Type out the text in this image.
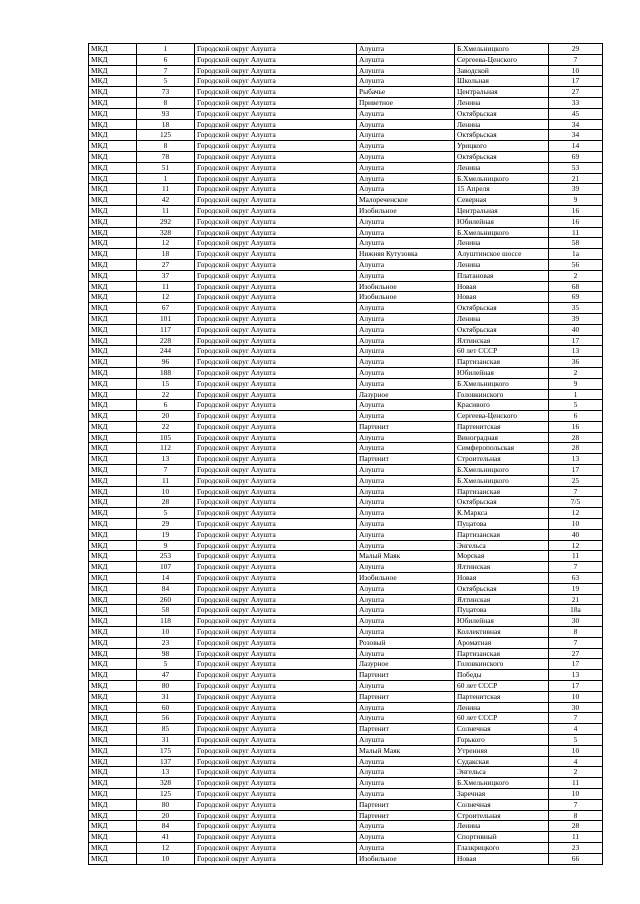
МКД	1	Городской округ Алушта	Алушта	Б.Хмельницкого	29
МКД	6	Городской округ Алушта	Алушта	Сергеева-Ценского	7
МКД	7	Городской округ Алушта	Алушта	Заводской	10
МКД	5	Городской округ Алушта	Алушта	Школьная	17
МКД	73	Городской округ Алушта	Рыбачье	Центральная	27
МКД	8	Городской округ Алушта	Приветное	Ленина	33
МКД	93	Городской округ Алушта	Алушта	Октябрьская	45
МКД	18	Городской округ Алушта	Алушта	Ленина	34
МКД	125	Городской округ Алушта	Алушта	Октябрьская	34
МКД	8	Городской округ Алушта	Алушта	Урицкого	14
МКД	78	Городской округ Алушта	Алушта	Октябрьская	69
МКД	51	Городской округ Алушта	Алушта	Ленина	53
МКД	1	Городской округ Алушта	Алушта	Б.Хмельницкого	21
МКД	11	Городской округ Алушта	Алушта	15 Апреля	39
МКД	42	Городской округ Алушта	Малореченское	Северная	9
МКД	11	Городской округ Алушта	Изобильное	Центральная	16
МКД	292	Городской округ Алушта	Алушта	Юбилейная	16
МКД	328	Городской округ Алушта	Алушта	Б.Хмельницкого	11
МКД	12	Городской округ Алушта	Алушта	Ленина	58
МКД	18	Городской округ Алушта	Нижняя Кутузовка	Алуштинское шоссе	1а
МКД	27	Городской округ Алушта	Алушта	Ленина	56
МКД	37	Городской округ Алушта	Алушта	Платановая	2
МКД	11	Городской округ Алушта	Изобильное	Новая	68
МКД	12	Городской округ Алушта	Изобильное	Новая	69
МКД	67	Городской округ Алушта	Алушта	Октябрьская	35
МКД	101	Городской округ Алушта	Алушта	Ленина	39
МКД	117	Городской округ Алушта	Алушта	Октябрьская	40
МКД	228	Городской округ Алушта	Алушта	Ялтинская	17
МКД	244	Городской округ Алушта	Алушта	60 лет СССР	13
МКД	96	Городской округ Алушта	Алушта	Партизанская	36
МКД	188	Городской округ Алушта	Алушта	Юбилейная	2
МКД	15	Городской округ Алушта	Алушта	Б.Хмельницкого	9
МКД	22	Городской округ Алушта	Лазурное	Головкинского	1
МКД	6	Городской округ Алушта	Алушта	Красивого	5
МКД	20	Городской округ Алушта	Алушта	Сергеева-Ценского	6
МКД	22	Городской округ Алушта	Партенит	Партенитская	16
МКД	105	Городской округ Алушта	Алушта	Виноградная	28
МКД	112	Городской округ Алушта	Алушта	Симферопольская	28
МКД	13	Городской округ Алушта	Партенит	Строительная	13
МКД	7	Городской округ Алушта	Алушта	Б.Хмельницкого	17
МКД	11	Городской округ Алушта	Алушта	Б.Хмельницкого	25
МКД	10	Городской округ Алушта	Алушта	Партизанская	7
МКД	28	Городской округ Алушта	Алушта	Октябрьская	7/5
МКД	5	Городской округ Алушта	Алушта	К.Маркса	12
МКД	29	Городской округ Алушта	Алушта	Пуцатова	10
МКД	19	Городской округ Алушта	Алушта	Партизанская	40
МКД	9	Городской округ Алушта	Алушта	Энгельса	12
МКД	253	Городской округ Алушта	Малый Маяк	Морская	11
МКД	107	Городской округ Алушта	Алушта	Ялтинская	7
МКД	14	Городской округ Алушта	Изобильное	Новая	63
МКД	84	Городской округ Алушта	Алушта	Октябрьская	19
МКД	260	Городской округ Алушта	Алушта	Ялтинская	21
МКД	58	Городской округ Алушта	Алушта	Пуцатова	18а
МКД	118	Городской округ Алушта	Алушта	Юбилейная	30
МКД	10	Городской округ Алушта	Алушта	Коллективная	8
МКД	23	Городской округ Алушта	Розовый	Ароматная	7
МКД	98	Городской округ Алушта	Алушта	Партизанская	27
МКД	5	Городской округ Алушта	Лазурное	Головкинского	17
МКД	47	Городской округ Алушта	Партенит	Победы	13
МКД	80	Городской округ Алушта	Алушта	60 лет СССР	17
МКД	31	Городской округ Алушта	Партенит	Партенитская	10
МКД	60	Городской округ Алушта	Алушта	Ленина	30
МКД	56	Городской округ Алушта	Алушта	60 лет СССР	7
МКД	85	Городской округ Алушта	Партенит	Солнечная	4
МКД	31	Городской округ Алушта	Алушта	Горького	5
МКД	175	Городской округ Алушта	Малый Маяк	Утренняя	10
МКД	137	Городской округ Алушта	Алушта	Судакская	4
МКД	13	Городской округ Алушта	Алушта	Энгельса	2
МКД	328	Городской округ Алушта	Алушта	Б.Хмельницкого	11
МКД	125	Городской округ Алушта	Алушта	Заречная	10
МКД	80	Городской округ Алушта	Партенит	Солнечная	7
МКД	20	Городской округ Алушта	Партенит	Строительная	8
МКД	84	Городской округ Алушта	Алушта	Ленина	28
МКД	41	Городской округ Алушта	Алушта	Спортивный	11
МКД	12	Городской округ Алушта	Алушта	Глазкрицкого	23
МКД	10	Городской округ Алушта	Изобильное	Новая	66
